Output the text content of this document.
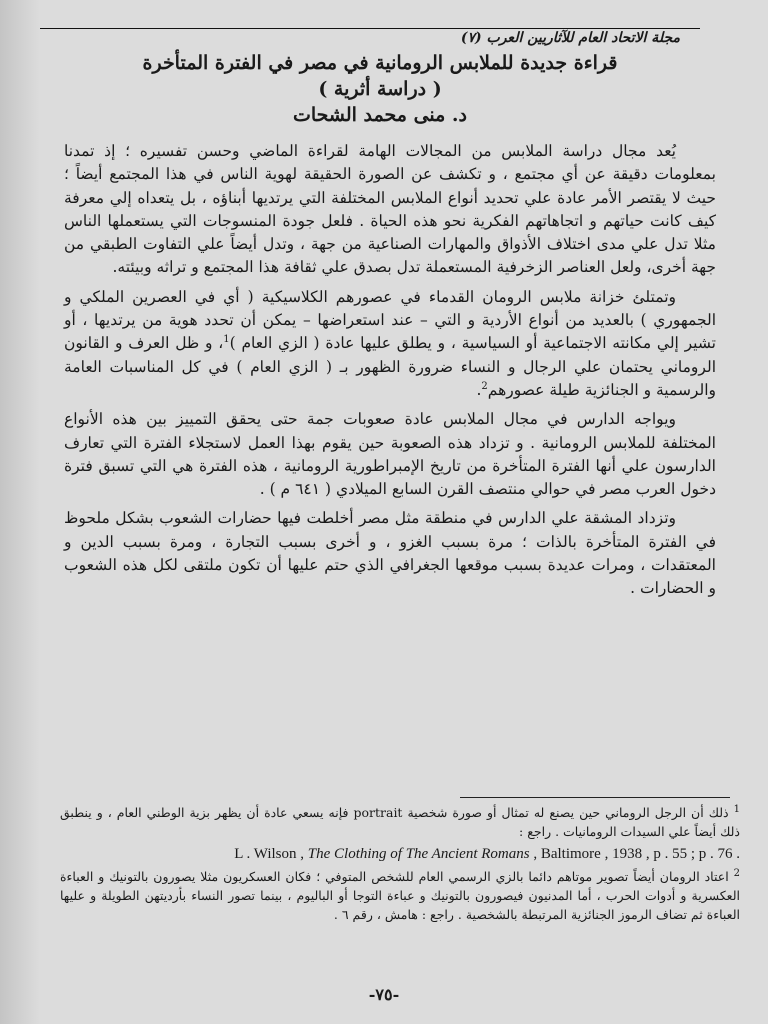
مجلة الاتحاد العام للآثاريين العرب (٧)
قراءة جديدة للملابس الرومانية في مصر في الفترة المتأخرة
( دراسة أثرية )
د. منى محمد الشحات

يُعد مجال دراسة الملابس من المجالات الهامة لقراءة الماضي وحسن تفسيره ؛ إذ تمدنا بمعلومات دقيقة عن أي مجتمع ، و تكشف عن الصورة الحقيقة لهوية الناس في هذا المجتمع أيضاً ؛ حيث لا يقتصر الأمر عادة علي تحديد أنواع الملابس المختلفة التي يرتديها أبناؤه ، بل يتعداه إلي معرفة كيف كانت حياتهم و اتجاهاتهم الفكرية نحو هذه الحياة . فلعل جودة المنسوجات التي يستعملها الناس مثلا تدل علي مدى اختلاف الأذواق والمهارات الصناعية من جهة ، وتدل أيضاً علي التفاوت الطبقي من جهة أخرى، ولعل العناصر الزخرفية المستعملة تدل بصدق علي ثقافة هذا المجتمع و تراثه وبيئته.

وتمتلئ خزانة ملابس الرومان القدماء في عصورهم الكلاسيكية ( أي في العصرين الملكي و الجمهوري ) بالعديد من أنواع الأردية و التي – عند استعراضها – يمكن أن تحدد هوية من يرتديها ، أو تشير إلي مكانته الاجتماعية أو السياسية ، و يطلق عليها عادة ( الزي العام )$^1$، و ظل العرف و القانون الروماني يحتمان علي الرجال و النساء ضرورة الظهور بـ ( الزي العام ) في كل المناسبات العامة والرسمية و الجنائزية طيلة عصورهم$^2$.

ويواجه الدارس في مجال الملابس عادة صعوبات جمة حتى يحقق التمييز بين هذه الأنواع المختلفة للملابس الرومانية . و تزداد هذه الصعوبة حين يقوم بهذا العمل لاستجلاء الفترة التي تعارف الدارسون علي أنها الفترة المتأخرة من تاريخ الإمبراطورية الرومانية ، هذه الفترة هي التي تسبق فترة دخول العرب مصر في حوالي منتصف القرن السابع الميلادي ( ٦٤١ م ) .

وتزداد المشقة علي الدارس في منطقة مثل مصر أخلطت فيها حضارات الشعوب بشكل ملحوظ في الفترة المتأخرة بالذات ؛ مرة بسبب الغزو ، و أخرى بسبب التجارة ، ومرة بسبب الدين و المعتقدات ، ومرات عديدة بسبب موقعها الجغرافي الذي حتم عليها أن تكون ملتقى لكل هذه الشعوب و الحضارات .

$^1$ ذلك أن الرجل الروماني حين يصنع له تمثال أو صورة شخصية portrait فإنه يسعي عادة أن يظهر بزية الوطني العام ، و ينطبق ذلك أيضاً علي السيدات الرومانيات . راجع :
L . Wilson , The Clothing of The Ancient Romans , Baltimore , 1938 , p . 55 ; p . 76 .
$^2$ اعتاد الرومان أيضاً تصوير موتاهم دائما بالزي الرسمي العام للشخص المتوفي ؛ فكان العسكريون مثلا يصورون بالتونيك و العباءة العكسرية و أدوات الحرب ، أما المدنيون فيصورون بالتونيك و عباءة التوجا أو الباليوم ، بينما تصور النساء بأرديتهن الطويلة و عليها العباءة ثم تضاف الرموز الجنائزية المرتبطة بالشخصية . راجع : هامش ، رقم ٦ .
-٧٥-
